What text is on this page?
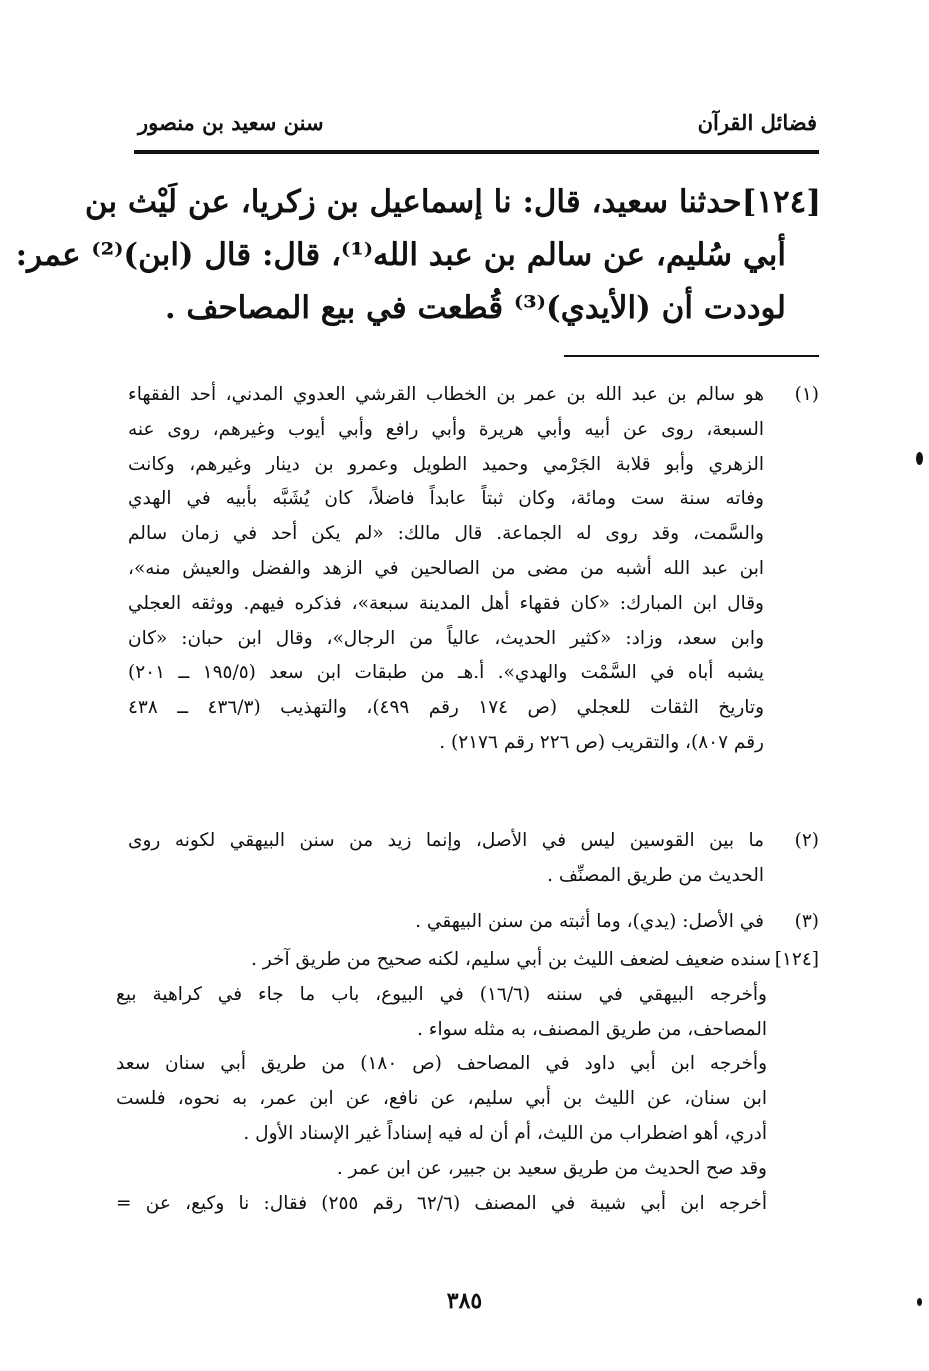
فضائل القرآن
سنن سعيد بن منصور
[١٢٤]حدثنا سعيد، قال: نا إسماعيل بن زكريا، عن لَيْث بن
أبي سُليم، عن سالم بن عبد الله⁽¹⁾، قال: قال (ابن)⁽²⁾ عمر:
لوددت أن (الأيدي)⁽³⁾ قُطعت في بيع المصاحف .
(١)
هو سالم بن عبد الله بن عمر بن الخطاب القرشي العدوي المدني، أحد الفقهاء
السبعة، روى عن أبيه وأبي هريرة وأبي رافع وأبي أيوب وغيرهم، روى عنه
الزهري وأبو قلابة الجَرْمي وحميد الطويل وعمرو بن دينار وغيرهم، وكانت
وفاته سنة ست ومائة، وكان ثبتاً عابداً فاضلاً، كان يُشَبَّه بأبيه في الهدي
والسَّمت، وقد روى له الجماعة. قال مالك: «لم يكن أحد في زمان سالم
ابن عبد الله أشبه من مضى من الصالحين في الزهد والفضل والعيش منه»،
وقال ابن المبارك: «كان فقهاء أهل المدينة سبعة»، فذكره فيهم. ووثقه العجلي
وابن سعد، وزاد: «كثير الحديث، عالياً من الرجال»، وقال ابن حبان: «كان
يشبه أباه في السَّمْت والهدي». أ.هـ من طبقات ابن سعد (١٩٥/٥ ــ ٢٠١)
وتاريخ الثقات للعجلي (ص ١٧٤ رقم ٤٩٩)، والتهذيب (٤٣٦/٣ ــ ٤٣٨
رقم ٨٠٧)، والتقريب (ص ٢٢٦ رقم ٢١٧٦) .
(٢)
ما بين القوسين ليس في الأصل، وإنما زيد من سنن البيهقي لكونه روى
الحديث من طريق المصنِّف .
(٣)
في الأصل: (يدي)، وما أثبته من سنن البيهقي .
[١٢٤]
سنده ضعيف لضعف الليث بن أبي سليم، لكنه صحيح من طريق آخر .
وأخرجه البيهقي في سننه (١٦/٦) في البيوع، باب ما جاء في كراهية بيع
المصاحف، من طريق المصنف، به مثله سواء .
وأخرجه ابن أبي داود في المصاحف (ص ١٨٠) من طريق أبي سنان سعد
ابن سنان، عن الليث بن أبي سليم، عن نافع، عن ابن عمر، به نحوه، فلست
أدري، أهو اضطراب من الليث، أم أن له فيه إسناداً غير الإسناد الأول .
وقد صح الحديث من طريق سعيد بن جبير، عن ابن عمر .
أخرجه ابن أبي شيبة في المصنف (٦٢/٦ رقم ٢٥٥) فقال: نا وكيع، عن =
٣٨٥
